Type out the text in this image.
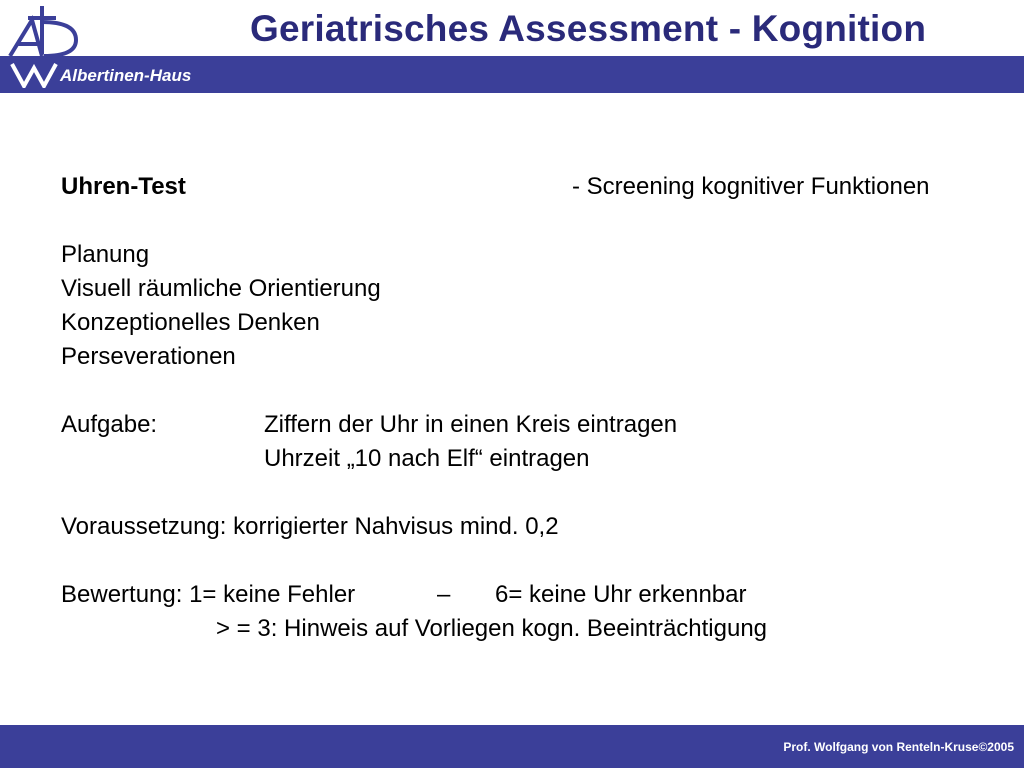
Albertinen-Haus
Geriatrisches Assessment - Kognition
Uhren-Test	- Screening kognitiver Funktionen
Planung
Visuell räumliche Orientierung
Konzeptionelles Denken
Perseverationen
Aufgabe:	Ziffern der Uhr in einen Kreis eintragen
Uhrzeit „10 nach Elf“ eintragen
Voraussetzung: korrigierter Nahvisus mind. 0,2
Bewertung: 1= keine Fehler	– 6= keine Uhr erkennbar
> = 3: Hinweis auf Vorliegen kogn. Beeinträchtigung
Prof. Wolfgang von Renteln-Kruse©2005
